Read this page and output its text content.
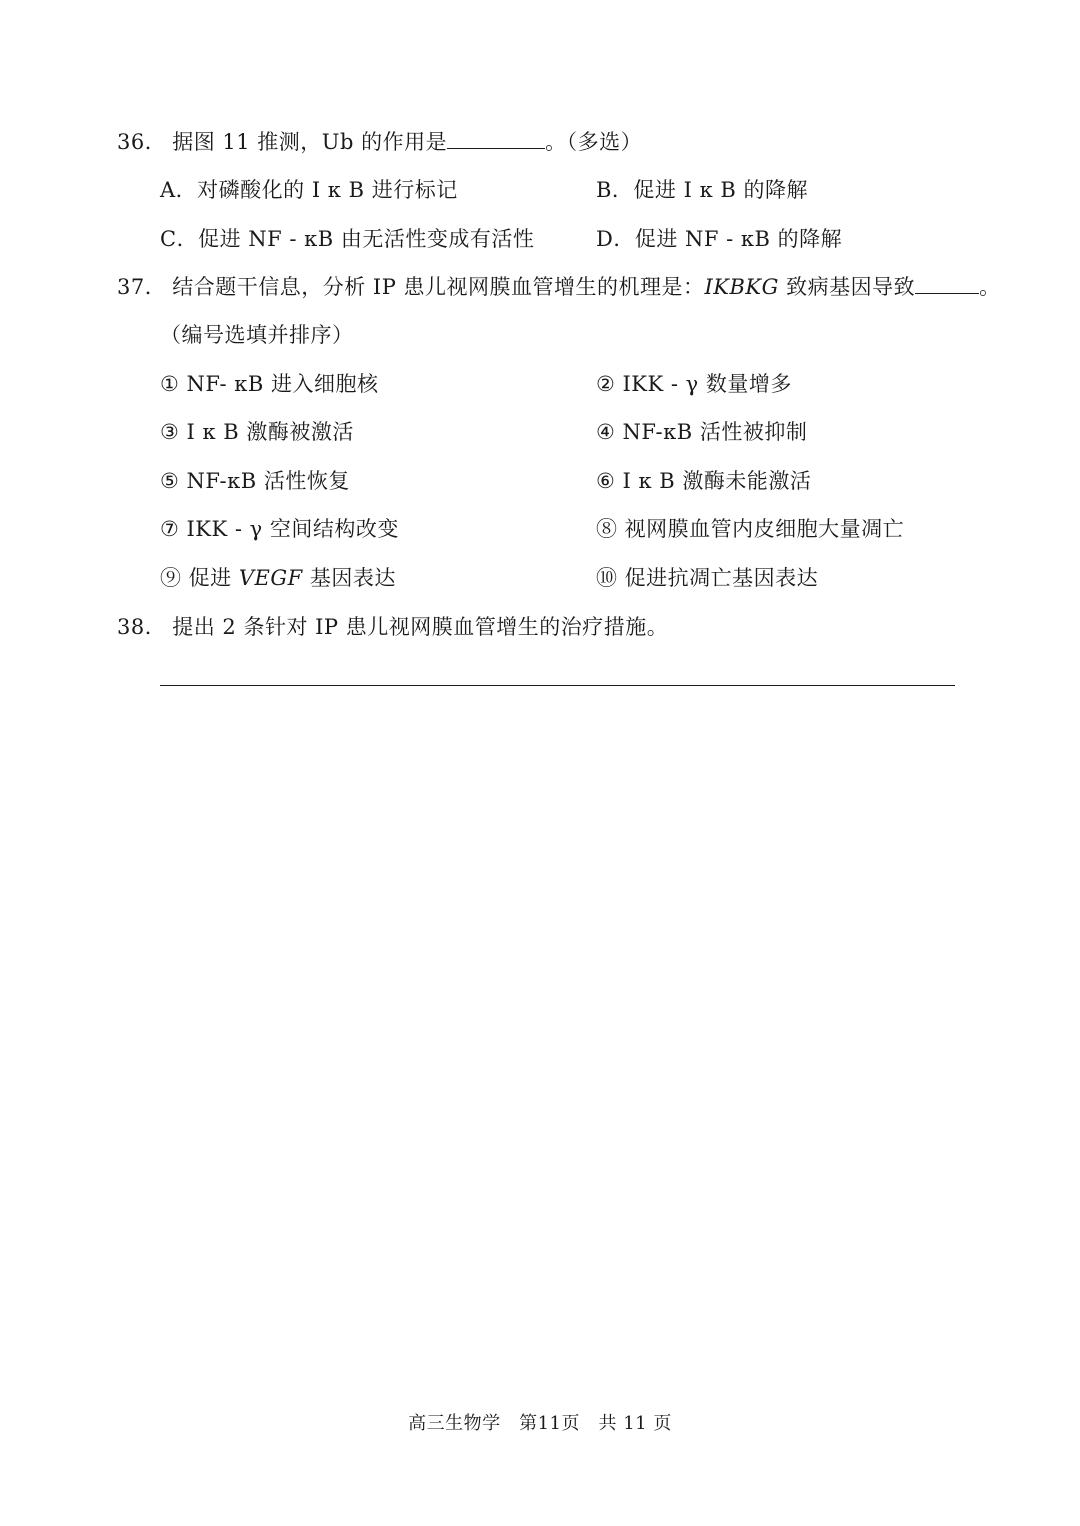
36． 据图 11 推测，Ub 的作用是	。（多选）
A．对磷酸化的 I κ B 进行标记	B．促进 I κ B 的降解
C．促进 NF - κB 由无活性变成有活性	D．促进 NF - κB 的降解
37． 结合题干信息，分析 IP 患儿视网膜血管增生的机理是：IKBKG 致病基因导致	。
（编号选填并排序）
① NF- κB 进入细胞核	② IKK - γ 数量增多
③ I κ B 激酶被激活	④ NF-κB 活性被抑制
⑤ NF-κB 活性恢复	⑥ I κ B 激酶未能激活
⑦ IKK - γ 空间结构改变	⑧ 视网膜血管内皮细胞大量凋亡
⑨ 促进 VEGF 基因表达	⑩ 促进抗凋亡基因表达
38． 提出 2 条针对 IP 患儿视网膜血管增生的治疗措施。
高三生物学　第11页　共 11 页
